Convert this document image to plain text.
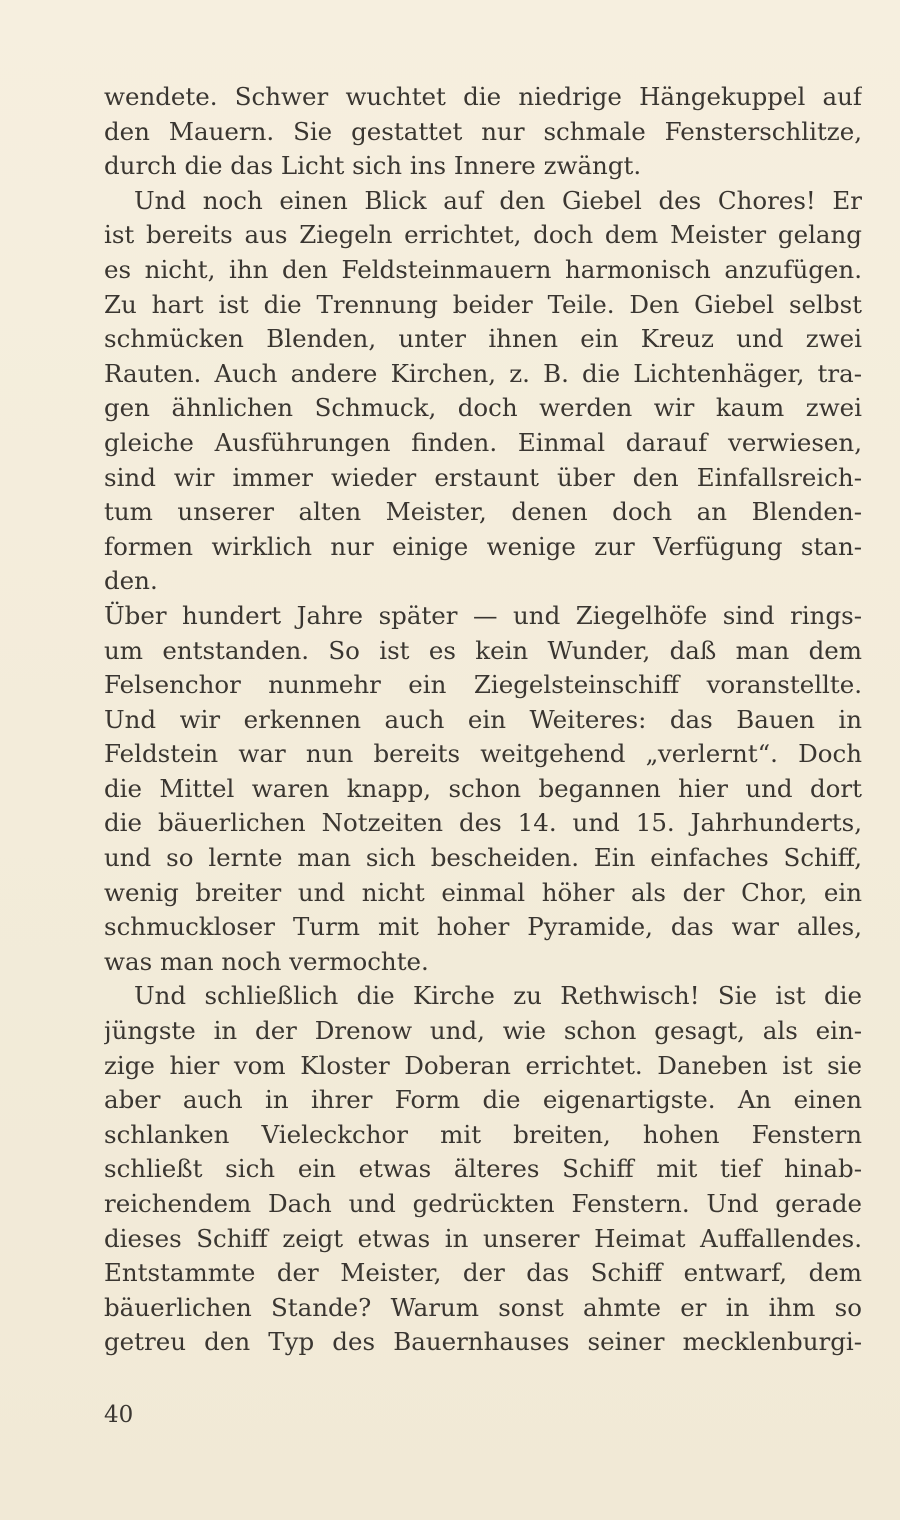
wendete. Schwer wuchtet die niedrige Hängekuppel auf
den Mauern. Sie gestattet nur schmale Fensterschlitze,
durch die das Licht sich ins Innere zwängt.
Und noch einen Blick auf den Giebel des Chores! Er
ist bereits aus Ziegeln errichtet, doch dem Meister gelang
es nicht, ihn den Feldsteinmauern harmonisch anzufügen.
Zu hart ist die Trennung beider Teile. Den Giebel selbst
schmücken Blenden, unter ihnen ein Kreuz und zwei
Rauten. Auch andere Kirchen, z. B. die Lichtenhäger, tra-
gen ähnlichen Schmuck, doch werden wir kaum zwei
gleiche Ausführungen finden. Einmal darauf verwiesen,
sind wir immer wieder erstaunt über den Einfallsreich-
tum unserer alten Meister, denen doch an Blenden-
formen wirklich nur einige wenige zur Verfügung stan-
den.
Über hundert Jahre später — und Ziegelhöfe sind rings-
um entstanden. So ist es kein Wunder, daß man dem
Felsenchor nunmehr ein Ziegelsteinschiff voranstellte.
Und wir erkennen auch ein Weiteres: das Bauen in
Feldstein war nun bereits weitgehend „verlernt“. Doch
die Mittel waren knapp, schon begannen hier und dort
die bäuerlichen Notzeiten des 14. und 15. Jahrhunderts,
und so lernte man sich bescheiden. Ein einfaches Schiff,
wenig breiter und nicht einmal höher als der Chor, ein
schmuckloser Turm mit hoher Pyramide, das war alles,
was man noch vermochte.
Und schließlich die Kirche zu Rethwisch! Sie ist die
jüngste in der Drenow und, wie schon gesagt, als ein-
zige hier vom Kloster Doberan errichtet. Daneben ist sie
aber auch in ihrer Form die eigenartigste. An einen
schlanken Vieleckchor mit breiten, hohen Fenstern
schließt sich ein etwas älteres Schiff mit tief hinab-
reichendem Dach und gedrückten Fenstern. Und gerade
dieses Schiff zeigt etwas in unserer Heimat Auffallendes.
Entstammte der Meister, der das Schiff entwarf, dem
bäuerlichen Stande? Warum sonst ahmte er in ihm so
getreu den Typ des Bauernhauses seiner mecklenburgi-
40
